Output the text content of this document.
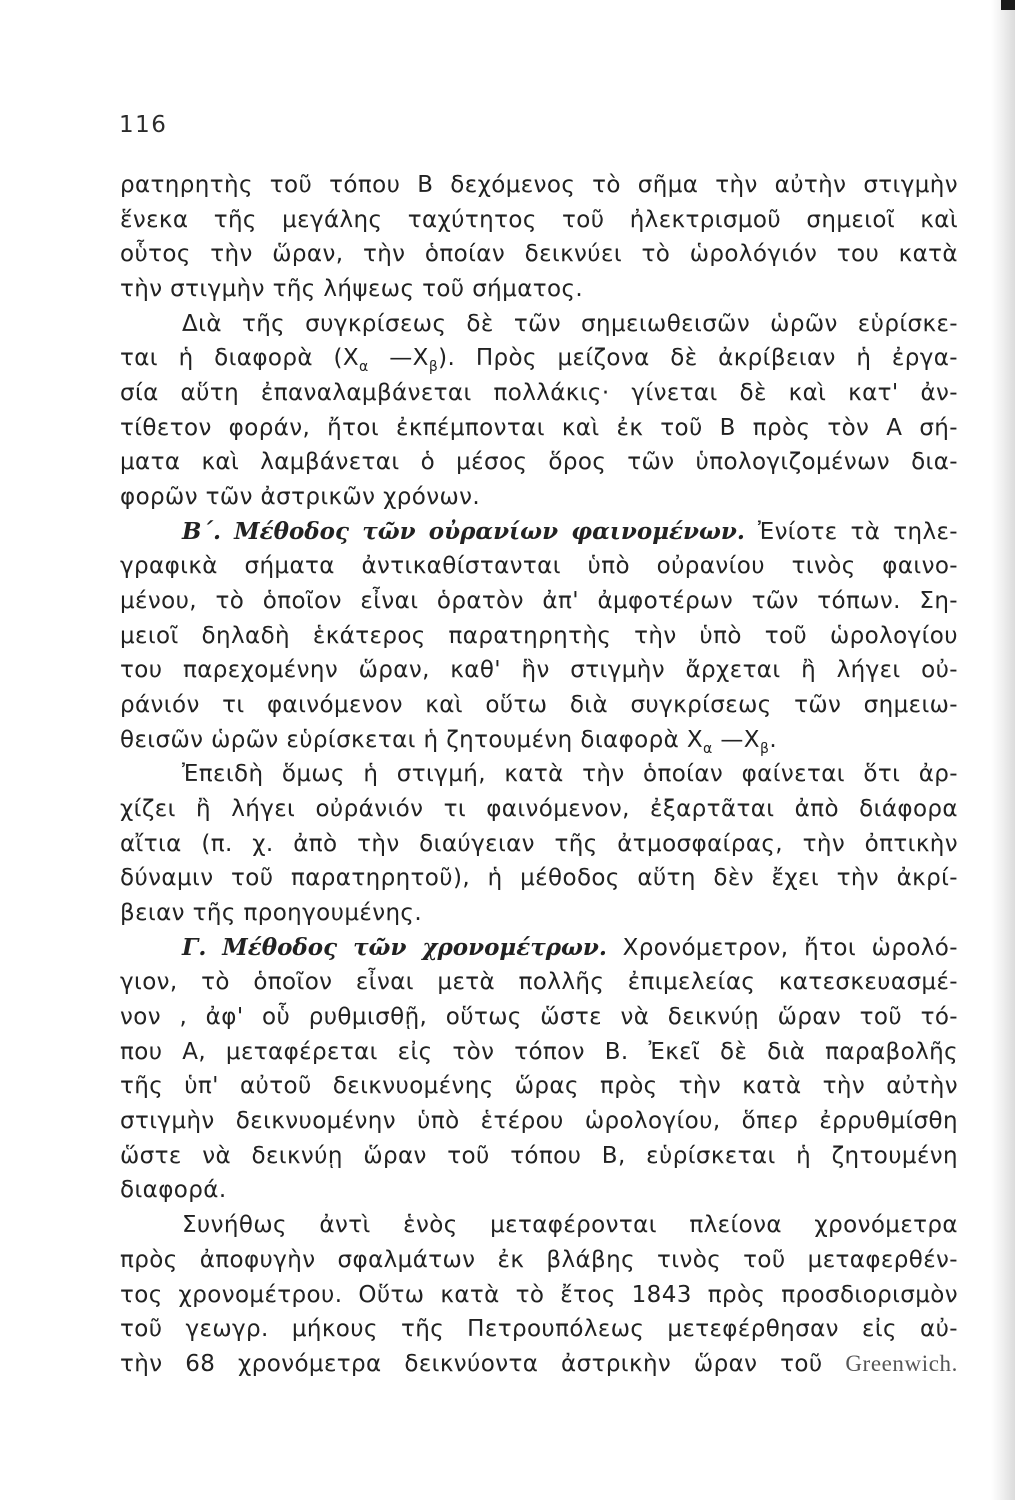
116
ρατηρητὴς τοῦ τόπου Β δεχόμενος τὸ σῆμα τὴν αὐτὴν στιγμὴν
ἕνεκα τῆς μεγάλης ταχύτητος τοῦ ἠλεκτρισμοῦ σημειοῖ καὶ
οὗτος τὴν ὥραν, τὴν ὁποίαν δεικνύει τὸ ὡρολόγιόν του κατὰ
τὴν στιγμὴν τῆς λήψεως τοῦ σήματος.
Διὰ τῆς συγκρίσεως δὲ τῶν σημειωθεισῶν ὡρῶν εὑρίσκε-
ται ἡ διαφορὰ ($X_\alpha$ $—X_\beta$). Πρὸς μείζονα δὲ ἀκρίβειαν ἡ ἐργα-
σία αὕτη ἐπαναλαμβάνεται πολλάκις· γίνεται δὲ καὶ κατ' ἀν-
τίθετον φοράν, ἤτοι ἐκπέμπονται καὶ ἐκ τοῦ Β πρὸς τὸν Α σή-
ματα καὶ λαμβάνεται ὁ μέσος ὅρος τῶν ὑπολογιζομένων δια-
φορῶν τῶν ἀστρικῶν χρόνων.
Β΄. Μέθοδος τῶν οὐρανίων φαινομένων. Ἐνίοτε τὰ τηλε-
γραφικὰ σήματα ἀντικαθίστανται ὑπὸ οὐρανίου τινὸς φαινο-
μένου, τὸ ὁποῖον εἶναι ὁρατὸν ἀπ' ἀμφοτέρων τῶν τόπων. Ση-
μειοῖ δηλαδὴ ἑκάτερος παρατηρητὴς τὴν ὑπὸ τοῦ ὡρολογίου
του παρεχομένην ὥραν, καθ' ἣν στιγμὴν ἄρχεται ἢ λήγει οὐ-
ράνιόν τι φαινόμενον καὶ οὕτω διὰ συγκρίσεως τῶν σημειω-
θεισῶν ὡρῶν εὑρίσκεται ἡ ζητουμένη διαφορὰ $X_\alpha$ $—X_\beta$.
Ἐπειδὴ ὅμως ἡ στιγμή, κατὰ τὴν ὁποίαν φαίνεται ὅτι ἀρ-
χίζει ἢ λήγει οὐράνιόν τι φαινόμενον, ἐξαρτᾶται ἀπὸ διάφορα
αἴτια (π. χ. ἀπὸ τὴν διαύγειαν τῆς ἀτμοσφαίρας, τὴν ὀπτικὴν
δύναμιν τοῦ παρατηρητοῦ), ἡ μέθοδος αὕτη δὲν ἔχει τὴν ἀκρί-
βειαν τῆς προηγουμένης.
Γ. Μέθοδος τῶν χρονομέτρων. Χρονόμετρον, ἤτοι ὡρολό-
γιον, τὸ ὁποῖον εἶναι μετὰ πολλῆς ἐπιμελείας κατεσκευασμέ-
νον , ἀφ' οὗ ρυθμισθῇ, οὕτως ὥστε νὰ δεικνύῃ ὥραν τοῦ τό-
που Α, μεταφέρεται εἰς τὸν τόπον Β. Ἐκεῖ δὲ διὰ παραβολῆς
τῆς ὑπ' αὐτοῦ δεικνυομένης ὥρας πρὸς τὴν κατὰ τὴν αὐτὴν
στιγμὴν δεικνυομένην ὑπὸ ἑτέρου ὡρολογίου, ὅπερ ἐρρυθμίσθη
ὥστε νὰ δεικνύῃ ὥραν τοῦ τόπου Β, εὑρίσκεται ἡ ζητουμένη
διαφορά.
Συνήθως ἀντὶ ἑνὸς μεταφέρονται πλείονα χρονόμετρα
πρὸς ἀποφυγὴν σφαλμάτων ἐκ βλάβης τινὸς τοῦ μεταφερθέν-
τος χρονομέτρου. Οὕτω κατὰ τὸ ἔτος 1843 πρὸς προσδιορισμὸν
τοῦ γεωγρ. μήκους τῆς Πετρουπόλεως μετεφέρθησαν εἰς αὐ-
τὴν 68 χρονόμετρα δεικνύοντα ἀστρικὴν ὥραν τοῦ Greenwich.
